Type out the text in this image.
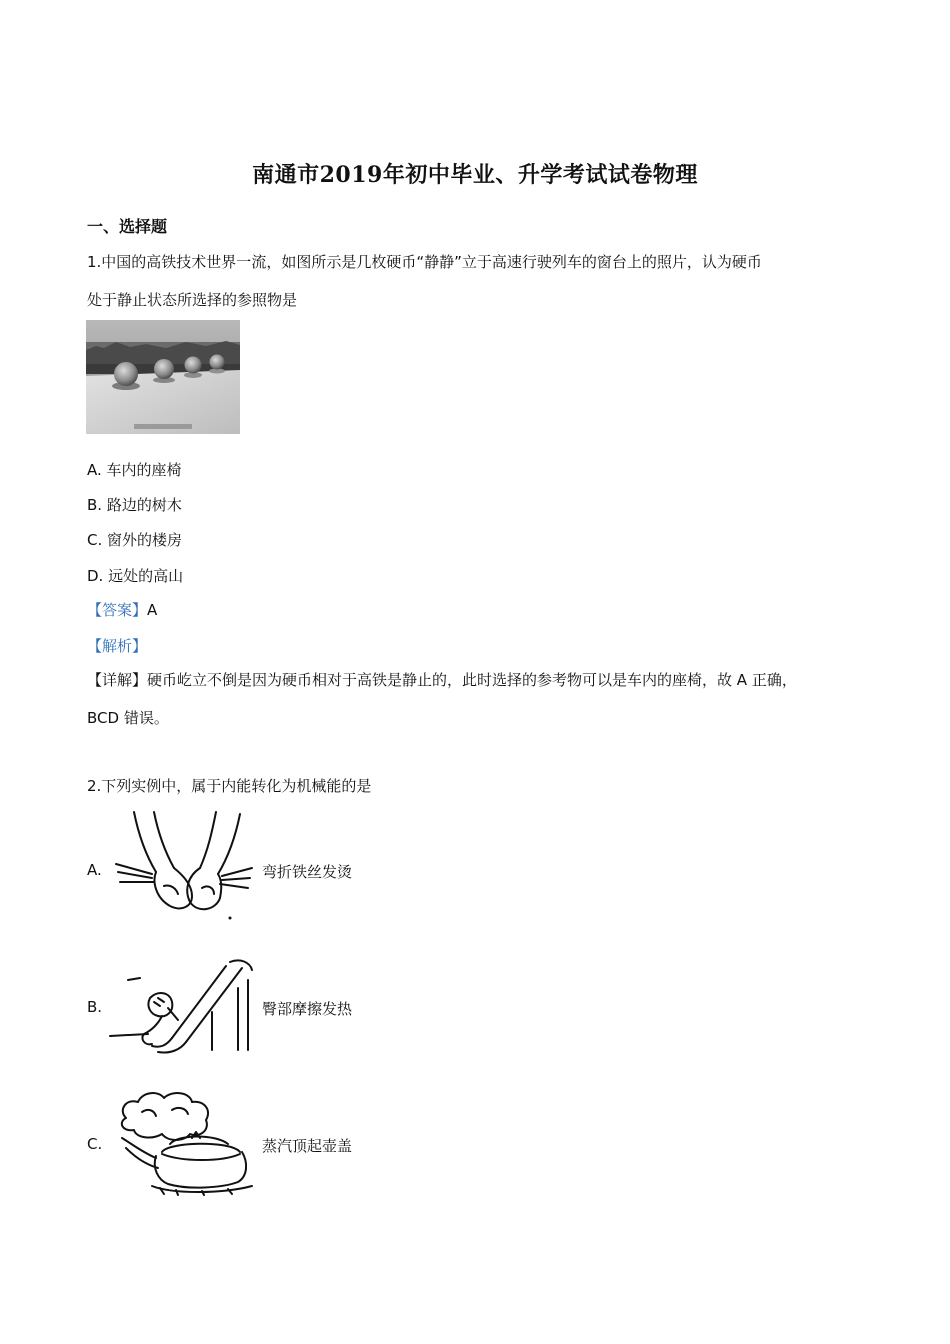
南通市2019年初中毕业、升学考试试卷物理
一、选择题
1.中国的高铁技术世界一流，如图所示是几枚硬币“静静”立于高速行驶列车的窗台上的照片，认为硬币
处于静止状态所选择的参照物是
A. 车内的座椅
B. 路边的树木
C. 窗外的楼房
D. 远处的高山
【答案】A
【解析】
【详解】硬币屹立不倒是因为硬币相对于高铁是静止的，此时选择的参考物可以是车内的座椅，故 A 正确，
BCD 错误。
2.下列实例中，属于内能转化为机械能的是
A.	弯折铁丝发烫
B.	臀部摩擦发热
C.	蒸汽顶起壶盖
